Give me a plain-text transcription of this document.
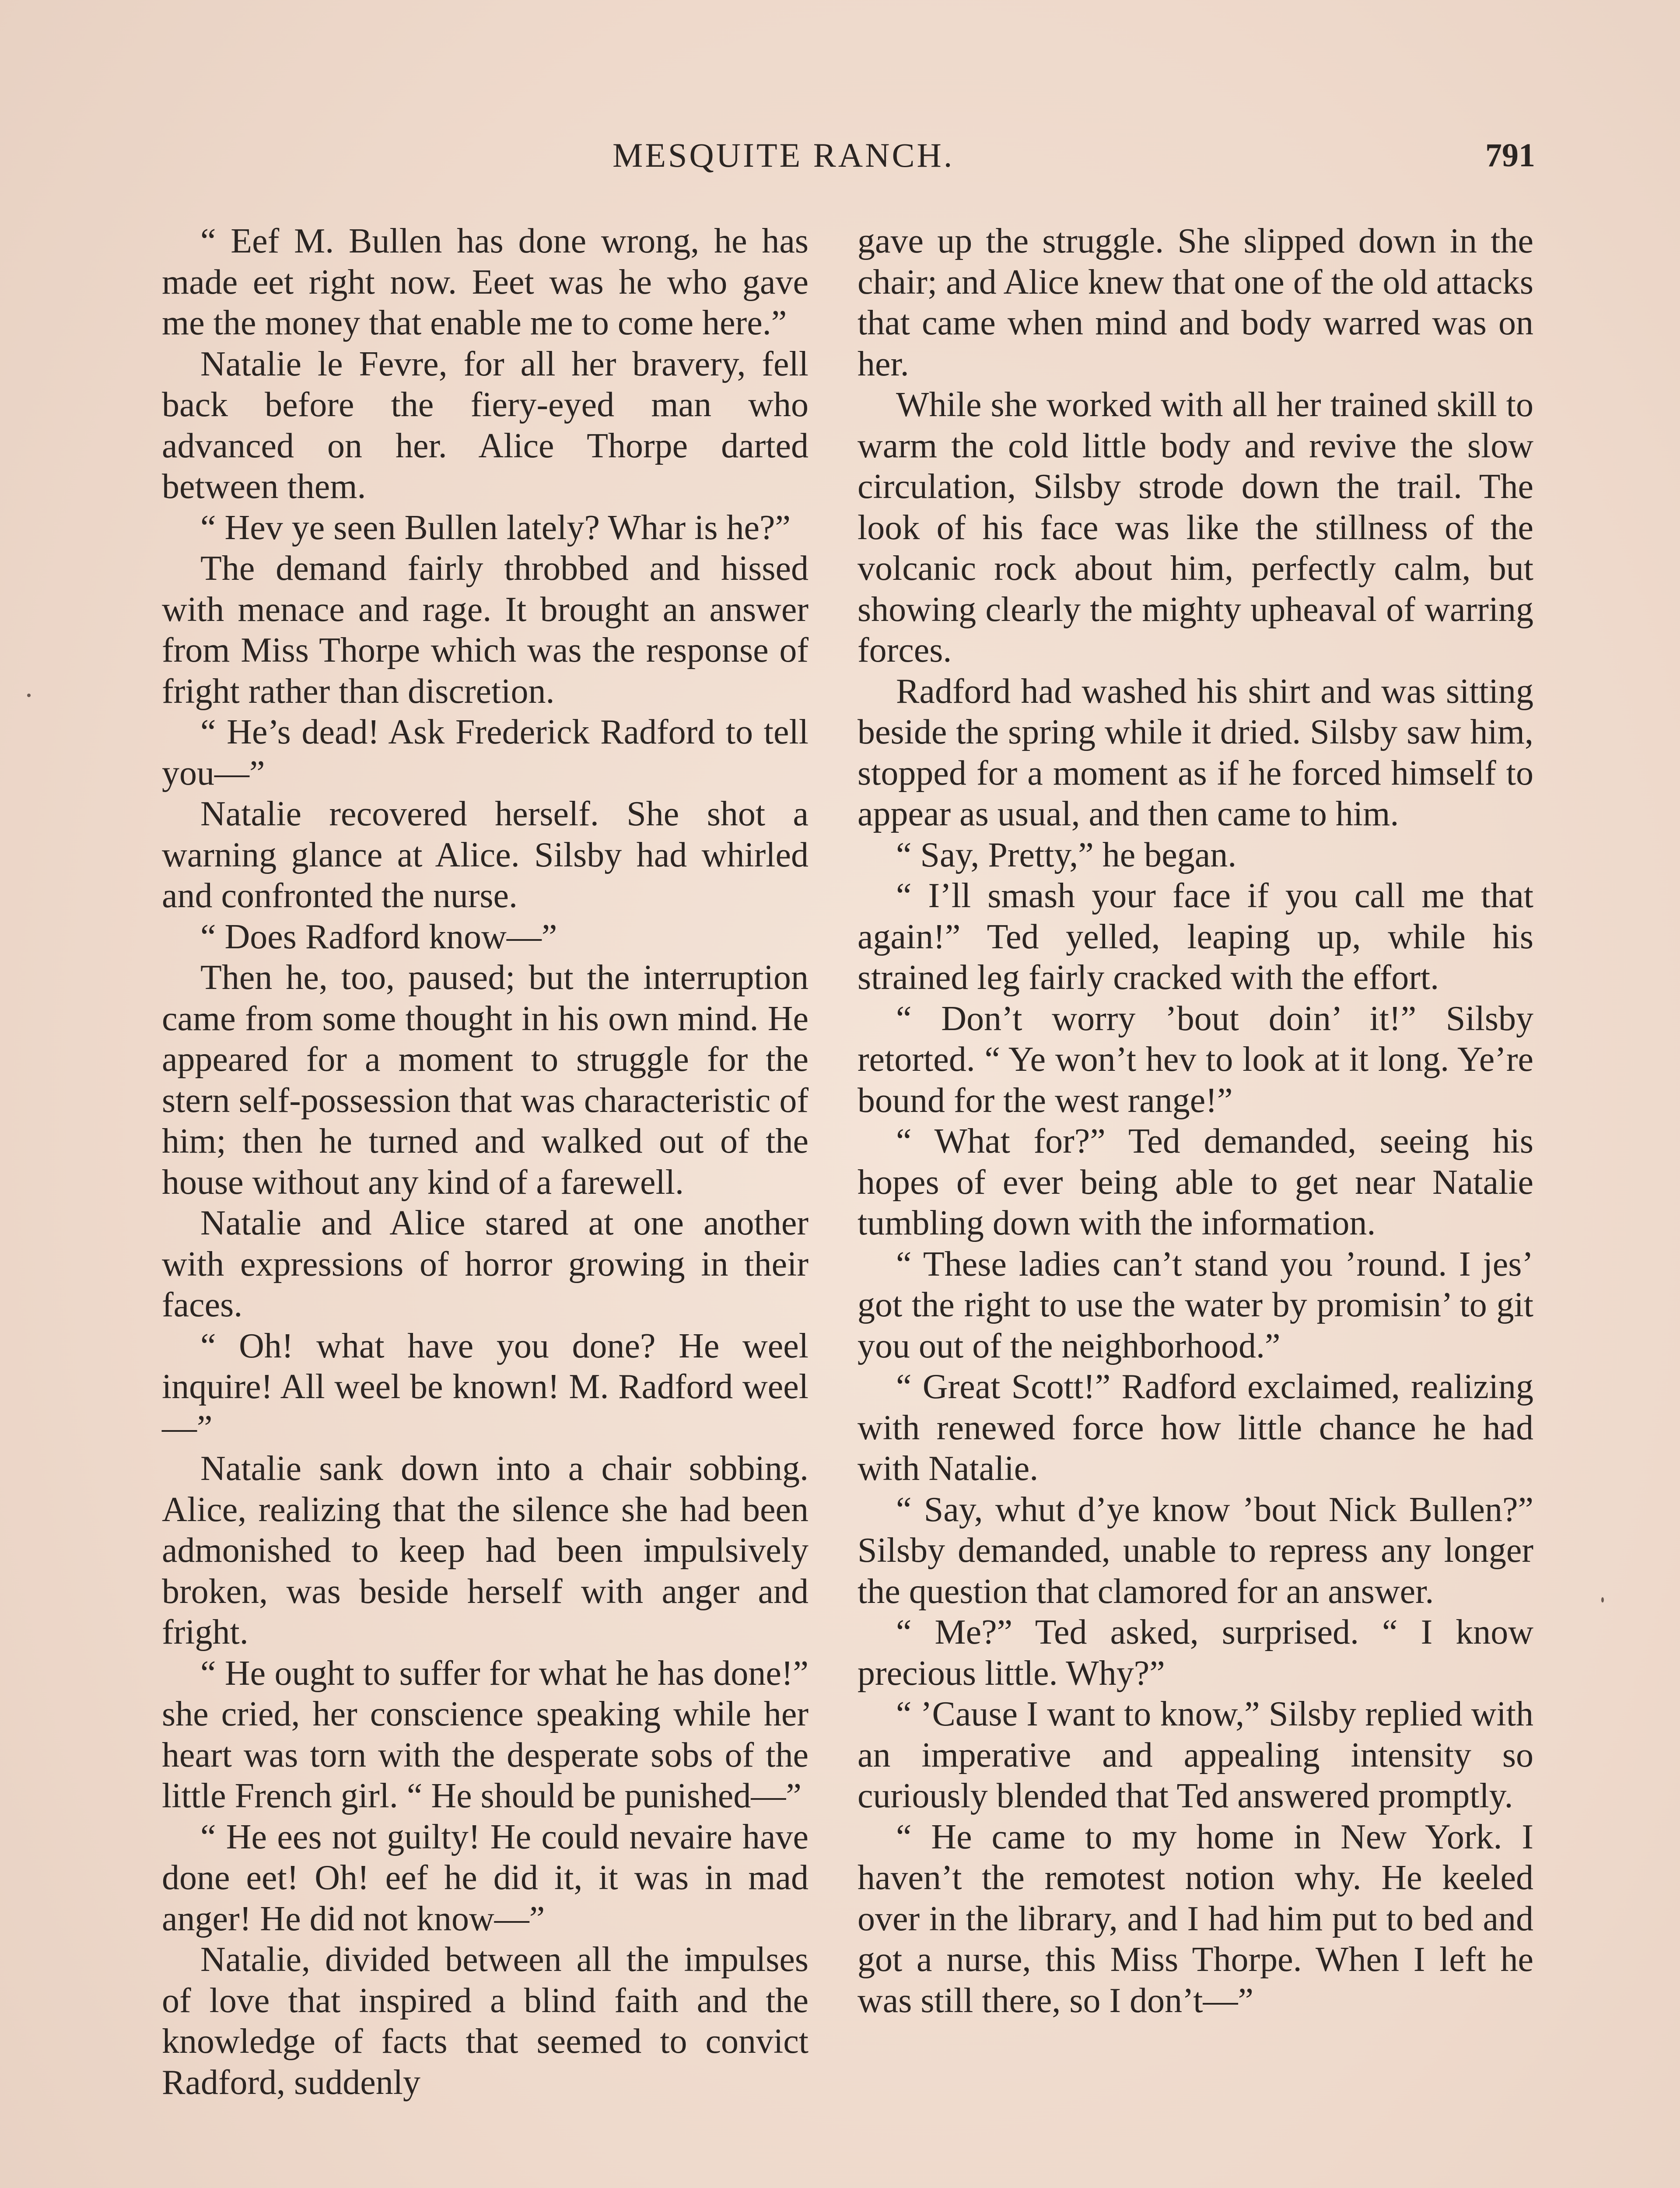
MESQUITE RANCH.	791

“ Eef M. Bullen has done wrong, he has made eet right now. Eeet was he who gave me the money that enable me to come here.”

Natalie le Fevre, for all her bravery, fell back before the fiery-eyed man who advanced on her. Alice Thorpe darted between them.

“ Hev ye seen Bullen lately? Whar is he?”

The demand fairly throbbed and hissed with menace and rage. It brought an answer from Miss Thorpe which was the response of fright rather than discretion.

“ He’s dead! Ask Frederick Radford to tell you—”

Natalie recovered herself. She shot a warning glance at Alice. Silsby had whirled and confronted the nurse.

“ Does Radford know—”

Then he, too, paused; but the interruption came from some thought in his own mind. He appeared for a moment to struggle for the stern self-possession that was characteristic of him; then he turned and walked out of the house without any kind of a farewell.

Natalie and Alice stared at one another with expressions of horror growing in their faces.

“ Oh! what have you done? He weel inquire! All weel be known! M. Radford weel—”

Natalie sank down into a chair sobbing. Alice, realizing that the silence she had been admonished to keep had been impulsively broken, was beside herself with anger and fright.

“ He ought to suffer for what he has done!” she cried, her conscience speaking while her heart was torn with the desperate sobs of the little French girl. “ He should be punished—”

“ He ees not guilty! He could nevaire have done eet! Oh! eef he did it, it was in mad anger! He did not know—”

Natalie, divided between all the impulses of love that inspired a blind faith and the knowledge of facts that seemed to convict Radford, suddenly

gave up the struggle. She slipped down in the chair; and Alice knew that one of the old attacks that came when mind and body warred was on her.

While she worked with all her trained skill to warm the cold little body and revive the slow circulation, Silsby strode down the trail. The look of his face was like the stillness of the volcanic rock about him, perfectly calm, but showing clearly the mighty upheaval of warring forces.

Radford had washed his shirt and was sitting beside the spring while it dried. Silsby saw him, stopped for a moment as if he forced himself to appear as usual, and then came to him.

“ Say, Pretty,” he began.

“ I’ll smash your face if you call me that again!” Ted yelled, leaping up, while his strained leg fairly cracked with the effort.

“ Don’t worry ’bout doin’ it!” Silsby retorted. “ Ye won’t hev to look at it long. Ye’re bound for the west range!”

“ What for?” Ted demanded, seeing his hopes of ever being able to get near Natalie tumbling down with the information.

“ These ladies can’t stand you ’round. I jes’ got the right to use the water by promisin’ to git you out of the neighborhood.”

“ Great Scott!” Radford exclaimed, realizing with renewed force how little chance he had with Natalie.

“ Say, whut d’ye know ’bout Nick Bullen?” Silsby demanded, unable to repress any longer the question that clamored for an answer.

“ Me?” Ted asked, surprised. “ I know precious little. Why?”

“ ’Cause I want to know,” Silsby replied with an imperative and appealing intensity so curiously blended that Ted answered promptly.

“ He came to my home in New York. I haven’t the remotest notion why. He keeled over in the library, and I had him put to bed and got a nurse, this Miss Thorpe. When I left he was still there, so I don’t—”
